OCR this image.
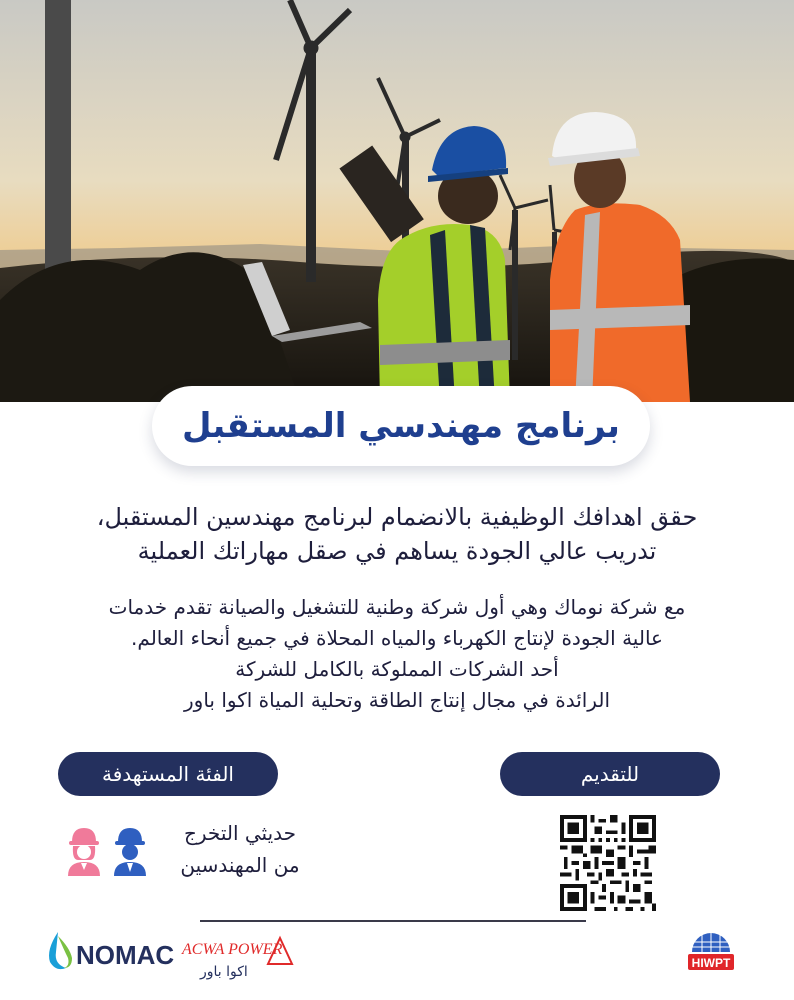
برنامج مهندسي المستقبل
حقق اهدافك الوظيفية بالانضمام لبرنامج مهندسين المستقبل،
تدريب عالي الجودة يساهم في صقل مهاراتك العملية
مع شركة نوماك وهي أول شركة وطنية للتشغيل والصيانة تقدم خدمات
عالية الجودة لإنتاج الكهرباء والمياه المحلاة في جميع أنحاء العالم.
أحد الشركات المملوكة بالكامل للشركة
الرائدة في مجال إنتاج الطاقة وتحلية المياة اكوا باور
الفئة المستهدفة	للتقديم
حديثي التخرج
من المهندسين
NOMAC ACWA POWER
اكوا باور
HIWPT
